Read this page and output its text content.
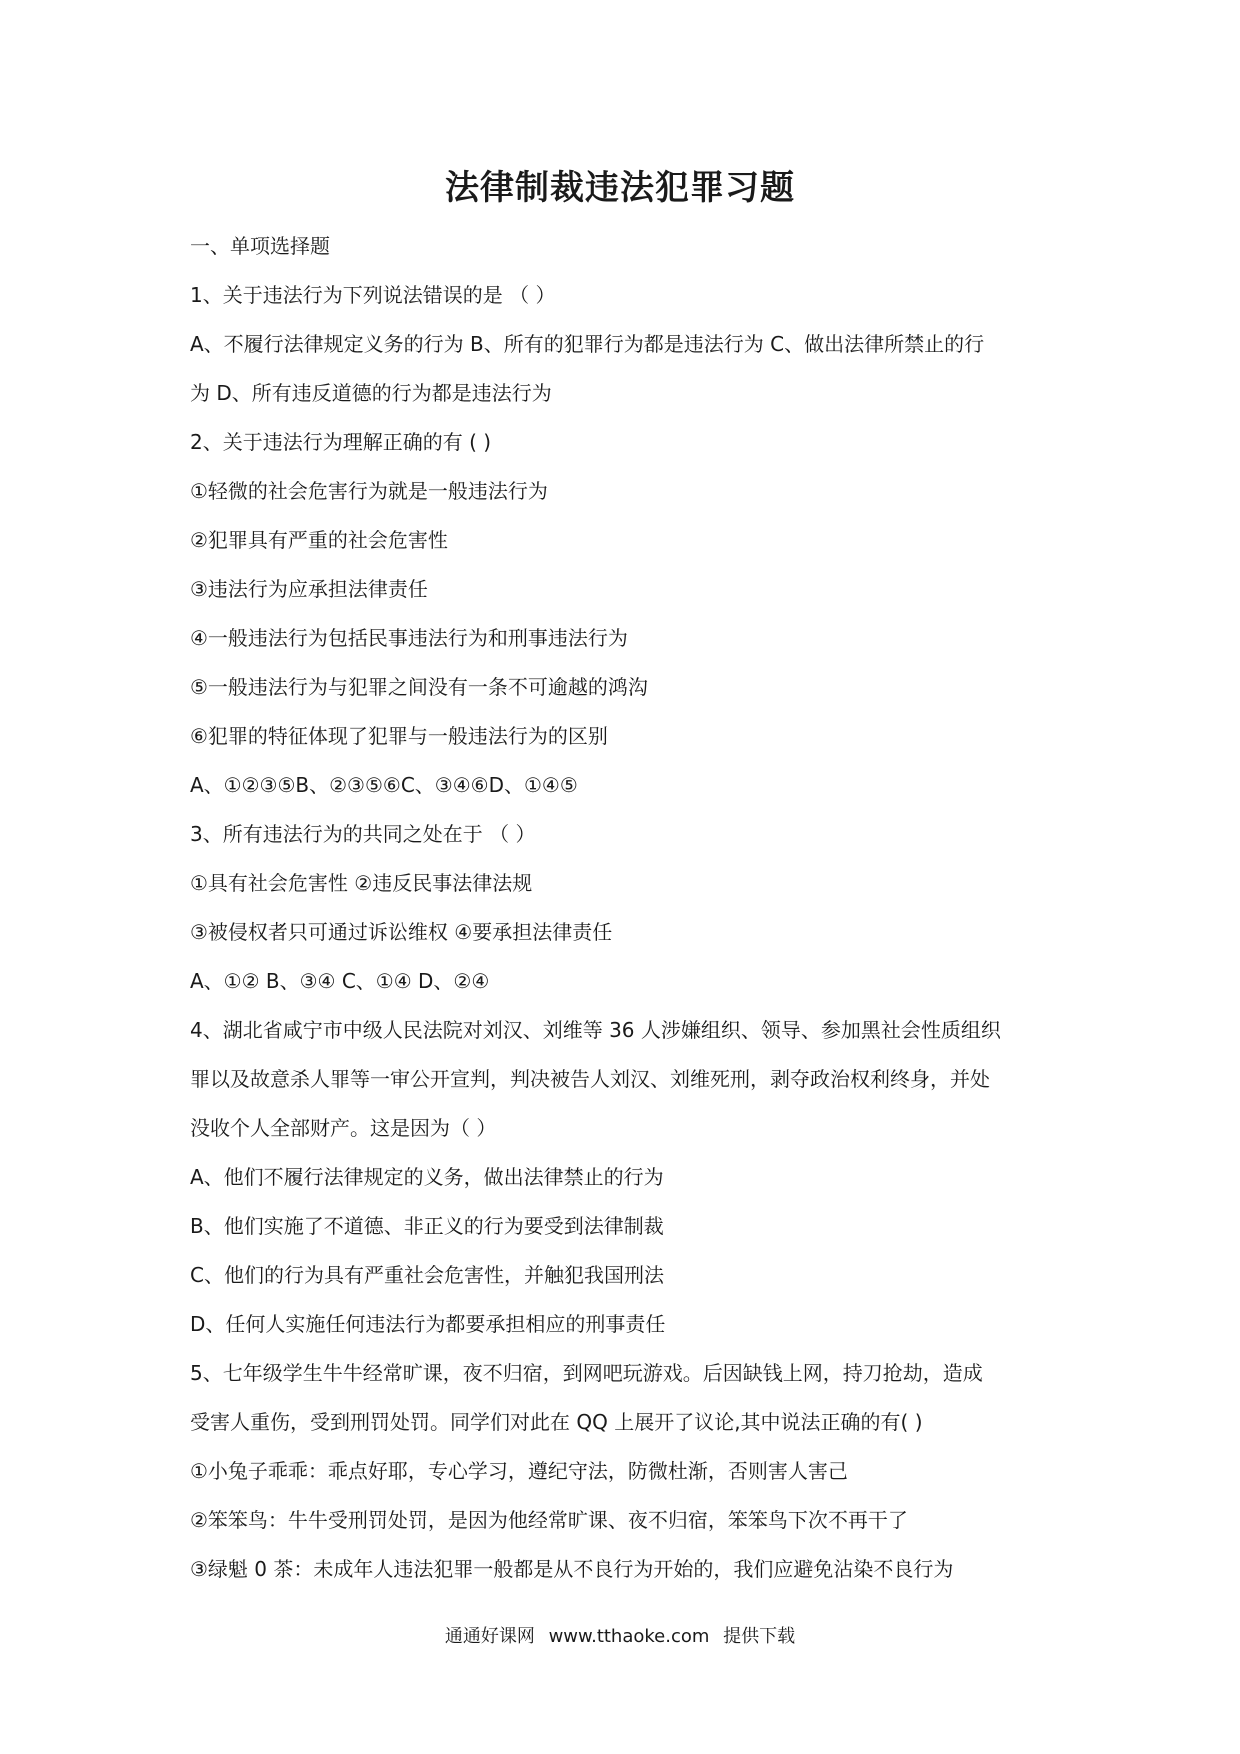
法律制裁违法犯罪习题

一、单项选择题

1、关于违法行为下列说法错误的是 （ ）

A、不履行法律规定义务的行为 B、所有的犯罪行为都是违法行为 C、做出法律所禁止的行

为 D、所有违反道德的行为都是违法行为

2、关于违法行为理解正确的有 ( )

①轻微的社会危害行为就是一般违法行为

②犯罪具有严重的社会危害性

③违法行为应承担法律责任

④一般违法行为包括民事违法行为和刑事违法行为

⑤一般违法行为与犯罪之间没有一条不可逾越的鸿沟

⑥犯罪的特征体现了犯罪与一般违法行为的区别

A、①②③⑤B、②③⑤⑥C、③④⑥D、①④⑤

3、所有违法行为的共同之处在于 （ ）

①具有社会危害性 ②违反民事法律法规

③被侵权者只可通过诉讼维权 ④要承担法律责任

A、①② B、③④ C、①④ D、②④

4、湖北省咸宁市中级人民法院对刘汉、刘维等 36 人涉嫌组织、领导、参加黑社会性质组织

罪以及故意杀人罪等一审公开宣判，判决被告人刘汉、刘维死刑，剥夺政治权利终身，并处

没收个人全部财产。这是因为（ ）

A、他们不履行法律规定的义务，做出法律禁止的行为

B、他们实施了不道德、非正义的行为要受到法律制裁

C、他们的行为具有严重社会危害性，并触犯我国刑法

D、任何人实施任何违法行为都要承担相应的刑事责任

5、七年级学生牛牛经常旷课，夜不归宿，到网吧玩游戏。后因缺钱上网，持刀抢劫，造成

受害人重伤，受到刑罚处罚。同学们对此在 QQ 上展开了议论,其中说法正确的有( )

①小兔子乖乖：乖点好耶，专心学习，遵纪守法，防微杜渐，否则害人害己

②笨笨鸟：牛牛受刑罚处罚，是因为他经常旷课、夜不归宿，笨笨鸟下次不再干了

③绿魁 0 茶：未成年人违法犯罪一般都是从不良行为开始的，我们应避免沾染不良行为

通通好课网 www.tthaoke.com 提供下载
